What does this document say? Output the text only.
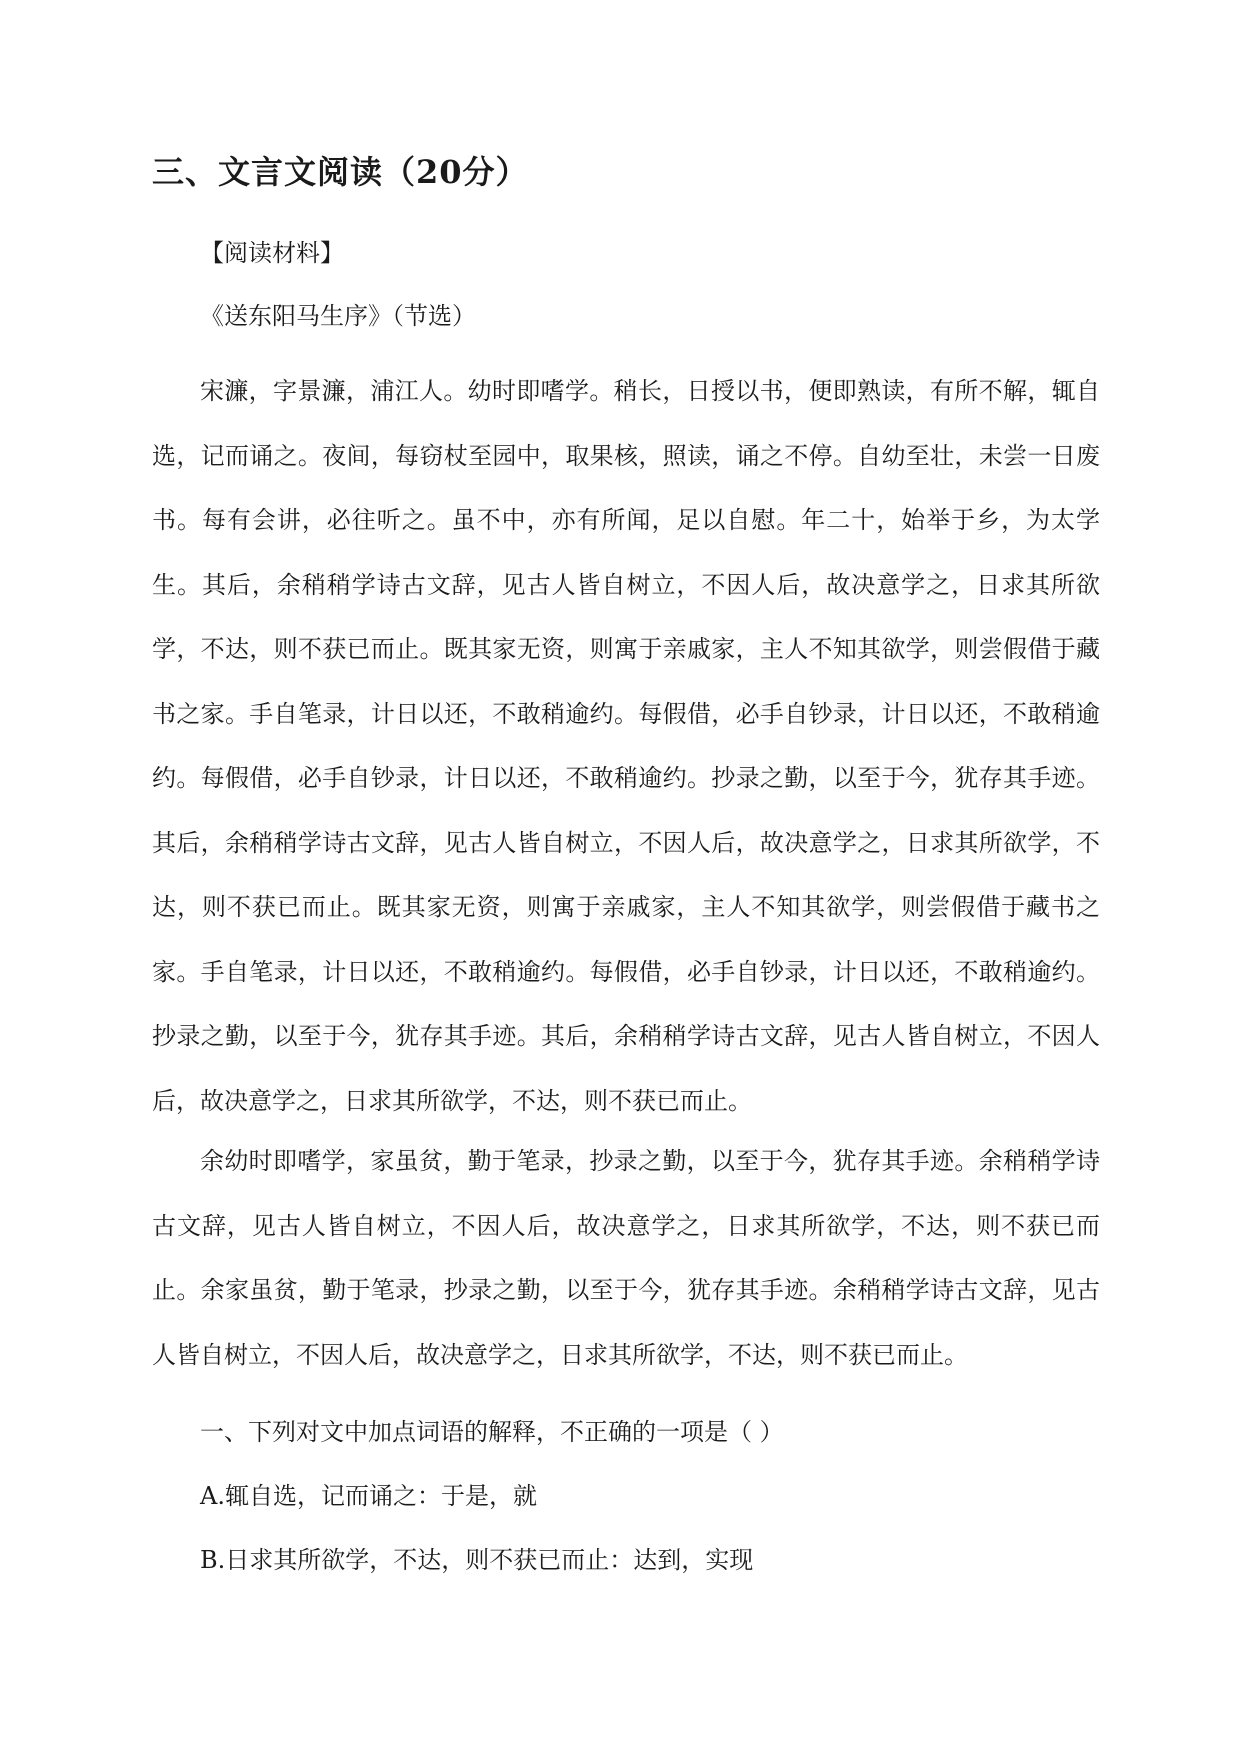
三、文言文阅读（20分）

【阅读材料】

《送东阳马生序》（节选）

宋濂，字景濂，浦江人。幼时即嗜学。稍长，日授以书，便即熟读，有所不解，辄自选，记而诵之。夜间，每窃杖至园中，取果核，照读，诵之不停。自幼至壮，未尝一日废书。每有会讲，必往听之。虽不中，亦有所闻，足以自慰。年二十，始举于乡，为太学生。其后，余稍稍学诗古文辞，见古人皆自树立，不因人后，故决意学之，日求其所欲学，不达，则不获已而止。既其家无资，则寓于亲戚家，主人不知其欲学，则尝假借于藏书之家。手自笔录，计日以还，不敢稍逾约。每假借，必手自钞录，计日以还，不敢稍逾约。每假借，必手自钞录，计日以还，不敢稍逾约。抄录之勤，以至于今，犹存其手迹。其后，余稍稍学诗古文辞，见古人皆自树立，不因人后，故决意学之，日求其所欲学，不达，则不获已而止。既其家无资，则寓于亲戚家，主人不知其欲学，则尝假借于藏书之家。手自笔录，计日以还，不敢稍逾约。每假借，必手自钞录，计日以还，不敢稍逾约。抄录之勤，以至于今，犹存其手迹。其后，余稍稍学诗古文辞，见古人皆自树立，不因人后，故决意学之，日求其所欲学，不达，则不获已而止。

余幼时即嗜学，家虽贫，勤于笔录，抄录之勤，以至于今，犹存其手迹。余稍稍学诗古文辞，见古人皆自树立，不因人后，故决意学之，日求其所欲学，不达，则不获已而止。余家虽贫，勤于笔录，抄录之勤，以至于今，犹存其手迹。余稍稍学诗古文辞，见古人皆自树立，不因人后，故决意学之，日求其所欲学，不达，则不获已而止。

一、下列对文中加点词语的解释，不正确的一项是（ ）

A.辄自选，记而诵之：于是，就

B.日求其所欲学，不达，则不获已而止：达到，实现
